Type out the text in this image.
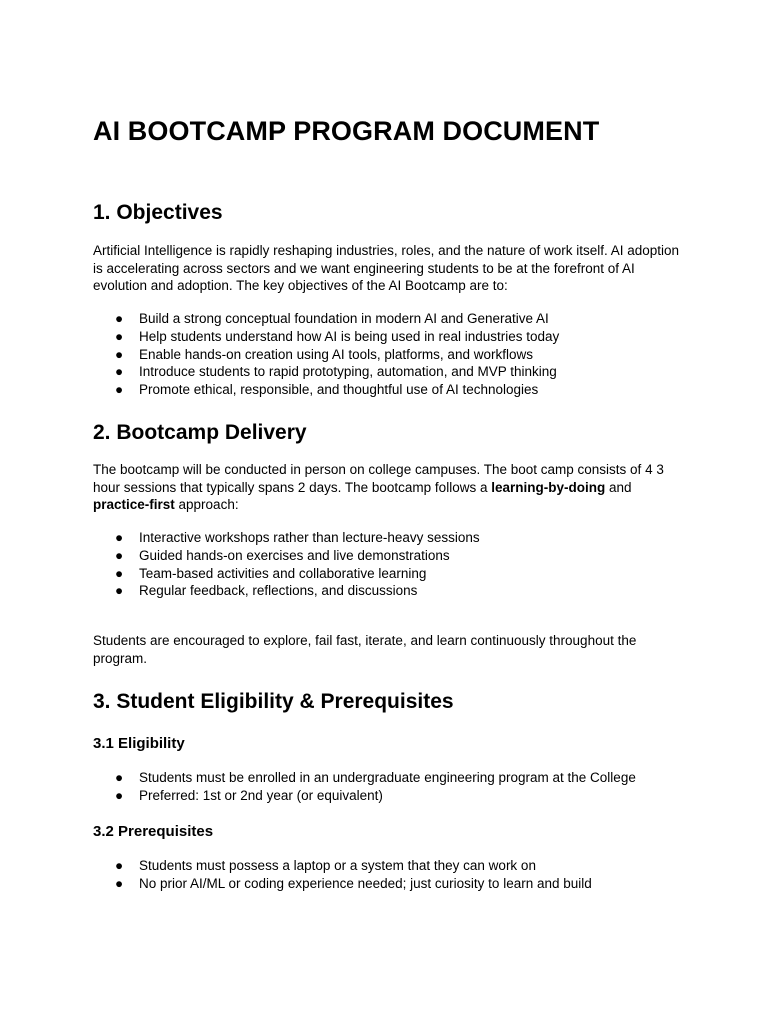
AI BOOTCAMP PROGRAM DOCUMENT
1. Objectives

Artificial Intelligence is rapidly reshaping industries, roles, and the nature of work itself. AI adoption is accelerating across sectors and we want engineering students to be at the forefront of AI evolution and adoption. The key objectives of the AI Bootcamp are to:

● Build a strong conceptual foundation in modern AI and Generative AI
● Help students understand how AI is being used in real industries today
● Enable hands-on creation using AI tools, platforms, and workflows
● Introduce students to rapid prototyping, automation, and MVP thinking
● Promote ethical, responsible, and thoughtful use of AI technologies
2. Bootcamp Delivery

The bootcamp will be conducted in person on college campuses. The boot camp consists of 4 3 hour sessions that typically spans 2 days. The bootcamp follows a learning-by-doing and practice-first approach:

● Interactive workshops rather than lecture-heavy sessions
● Guided hands-on exercises and live demonstrations
● Team-based activities and collaborative learning
● Regular feedback, reflections, and discussions

Students are encouraged to explore, fail fast, iterate, and learn continuously throughout the program.

3. Student Eligibility & Prerequisites
3.1 Eligibility
● Students must be enrolled in an undergraduate engineering program at the College
● Preferred: 1st or 2nd year (or equivalent)
3.2 Prerequisites
● Students must possess a laptop or a system that they can work on
● No prior AI/ML or coding experience needed; just curiosity to learn and build
